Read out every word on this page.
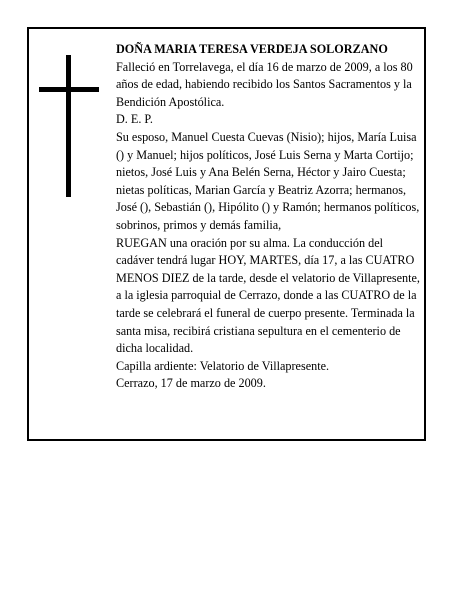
DOÑA MARIA TERESA VERDEJA SOLORZANO

Falleció en Torrelavega, el día 16 de marzo de 2009, a los 80 años de edad, habiendo recibido los Santos Sacramentos y la Bendición Apostólica.

D. E. P.

Su esposo, Manuel Cuesta Cuevas (Nisio); hijos, María Luisa () y Manuel; hijos políticos, José Luis Serna y Marta Cortijo; nietos, José Luis y Ana Belén Serna, Héctor y Jairo Cuesta; nietas políticas, Marian García y Beatriz Azorra; hermanos, José (), Sebastián (), Hipólito () y Ramón; hermanos políticos, sobrinos, primos y demás familia,

RUEGAN una oración por su alma. La conducción del cadáver tendrá lugar HOY, MARTES, día 17, a las CUATRO MENOS DIEZ de la tarde, desde el velatorio de Villapresente, a la iglesia parroquial de Cerrazo, donde a las CUATRO de la tarde se celebrará el funeral de cuerpo presente. Terminada la santa misa, recibirá cristiana sepultura en el cementerio de dicha localidad.

Capilla ardiente: Velatorio de Villapresente.

Cerrazo, 17 de marzo de 2009.
